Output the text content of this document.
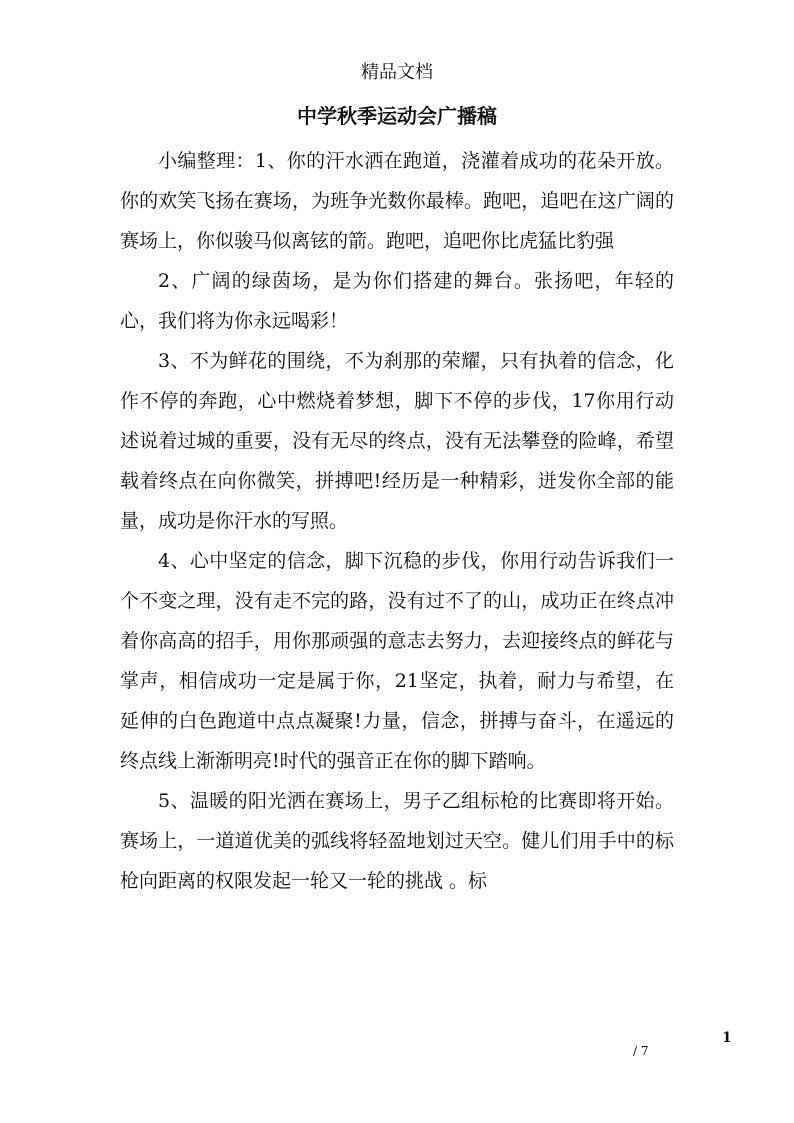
精品文档
中学秋季运动会广播稿

小编整理：1、你的汗水洒在跑道，浇灌着成功的花朵开放。你的欢笑飞扬在赛场，为班争光数你最棒。跑吧，追吧在这广阔的赛场上，你似骏马似离铉的箭。跑吧，追吧你比虎猛比豹强

2、广阔的绿茵场，是为你们搭建的舞台。张扬吧，年轻的心，我们将为你永远喝彩！

3、不为鲜花的围绕，不为刹那的荣耀，只有执着的信念，化作不停的奔跑，心中燃烧着梦想，脚下不停的步伐，17你用行动述说着过城的重要，没有无尽的终点，没有无法攀登的险峰，希望载着终点在向你微笑，拼搏吧!经历是一种精彩，迸发你全部的能量，成功是你汗水的写照。

4、心中坚定的信念，脚下沉稳的步伐，你用行动告诉我们一个不变之理，没有走不完的路，没有过不了的山，成功正在终点冲着你高高的招手，用你那顽强的意志去努力，去迎接终点的鲜花与掌声，相信成功一定是属于你，21坚定，执着，耐力与希望，在延伸的白色跑道中点点凝聚!力量，信念，拼搏与奋斗，在遥远的终点线上渐渐明亮!时代的强音正在你的脚下踏响。

5、温暖的阳光洒在赛场上，男子乙组标枪的比赛即将开始。赛场上，一道道优美的弧线将轻盈地划过天空。健儿们用手中的标枪向距离的权限发起一轮又一轮的挑战 。标

1
/ 7
